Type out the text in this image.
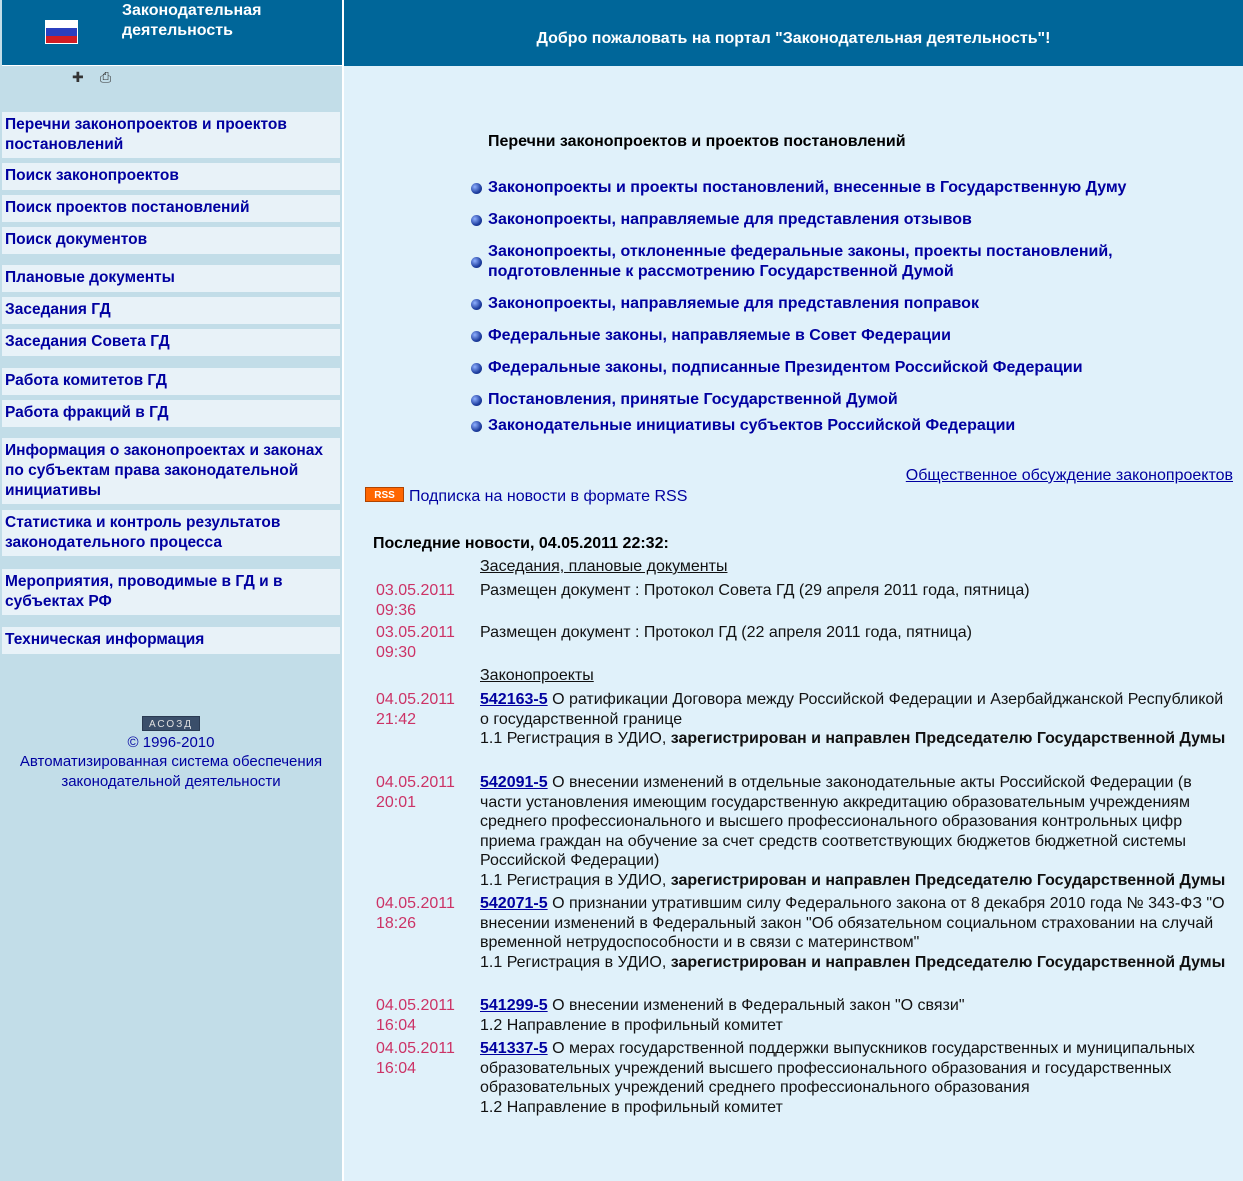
Законодательная деятельность
✚ ⎙
Перечни законопроектов и проектов постановлений
Поиск законопроектов
Поиск проектов постановлений
Поиск документов
Плановые документы
Заседания ГД
Заседания Совета ГД
Работа комитетов ГД
Работа фракций в ГД
Информация о законопроектах и законах по субъектам права законодательной инициативы
Статистика и контроль результатов законодательного процесса
Мероприятия, проводимые в ГД и в субъектах РФ
Техническая информация
АСОЗД
© 1996-2010
Автоматизированная система обеспечения законодательной деятельности
Добро пожаловать на портал "Законодательная деятельность"!
Перечни законопроектов и проектов постановлений
Законопроекты и проекты постановлений, внесенные в Государственную Думу
Законопроекты, направляемые для представления отзывов
Законопроекты, отклоненные федеральные законы, проекты постановлений, подготовленные к рассмотрению Государственной Думой
Законопроекты, направляемые для представления поправок
Федеральные законы, направляемые в Совет Федерации
Федеральные законы, подписанные Президентом Российской Федерации
Постановления, принятые Государственной Думой
Законодательные инициативы субъектов Российской Федерации
Общественное обсуждение законопроектов
RSS Подписка на новости в формате RSS
Последние новости, 04.05.2011 22:32:
Заседания, плановые документы
03.05.2011
09:36
Размещен документ : Протокол Совета ГД (29 апреля 2011 года, пятница)
03.05.2011
09:30
Размещен документ : Протокол ГД (22 апреля 2011 года, пятница)
Законопроекты
04.05.2011
21:42
542163-5 О ратификации Договора между Российской Федерации и Азербайджанской Республикой о государственной границе
1.1 Регистрация в УДИО, зарегистрирован и направлен Председателю Государственной Думы
04.05.2011
20:01
542091-5 О внесении изменений в отдельные законодательные акты Российской Федерации (в части установления имеющим государственную аккредитацию образовательным учреждениям среднего профессионального и высшего профессионального образования контрольных цифр приема граждан на обучение за счет средств соответствующих бюджетов бюджетной системы Российской Федерации)
1.1 Регистрация в УДИО, зарегистрирован и направлен Председателю Государственной Думы
04.05.2011
18:26
542071-5 О признании утратившим силу Федерального закона от 8 декабря 2010 года № 343-ФЗ "О внесении изменений в Федеральный закон "Об обязательном социальном страховании на случай временной нетрудоспособности и в связи с материнством"
1.1 Регистрация в УДИО, зарегистрирован и направлен Председателю Государственной Думы
04.05.2011
16:04
541299-5 О внесении изменений в Федеральный закон "О связи"
1.2 Направление в профильный комитет
04.05.2011
16:04
541337-5 О мерах государственной поддержки выпускников государственных и муниципальных образовательных учреждений высшего профессионального образования и государственных образовательных учреждений среднего профессионального образования
1.2 Направление в профильный комитет
